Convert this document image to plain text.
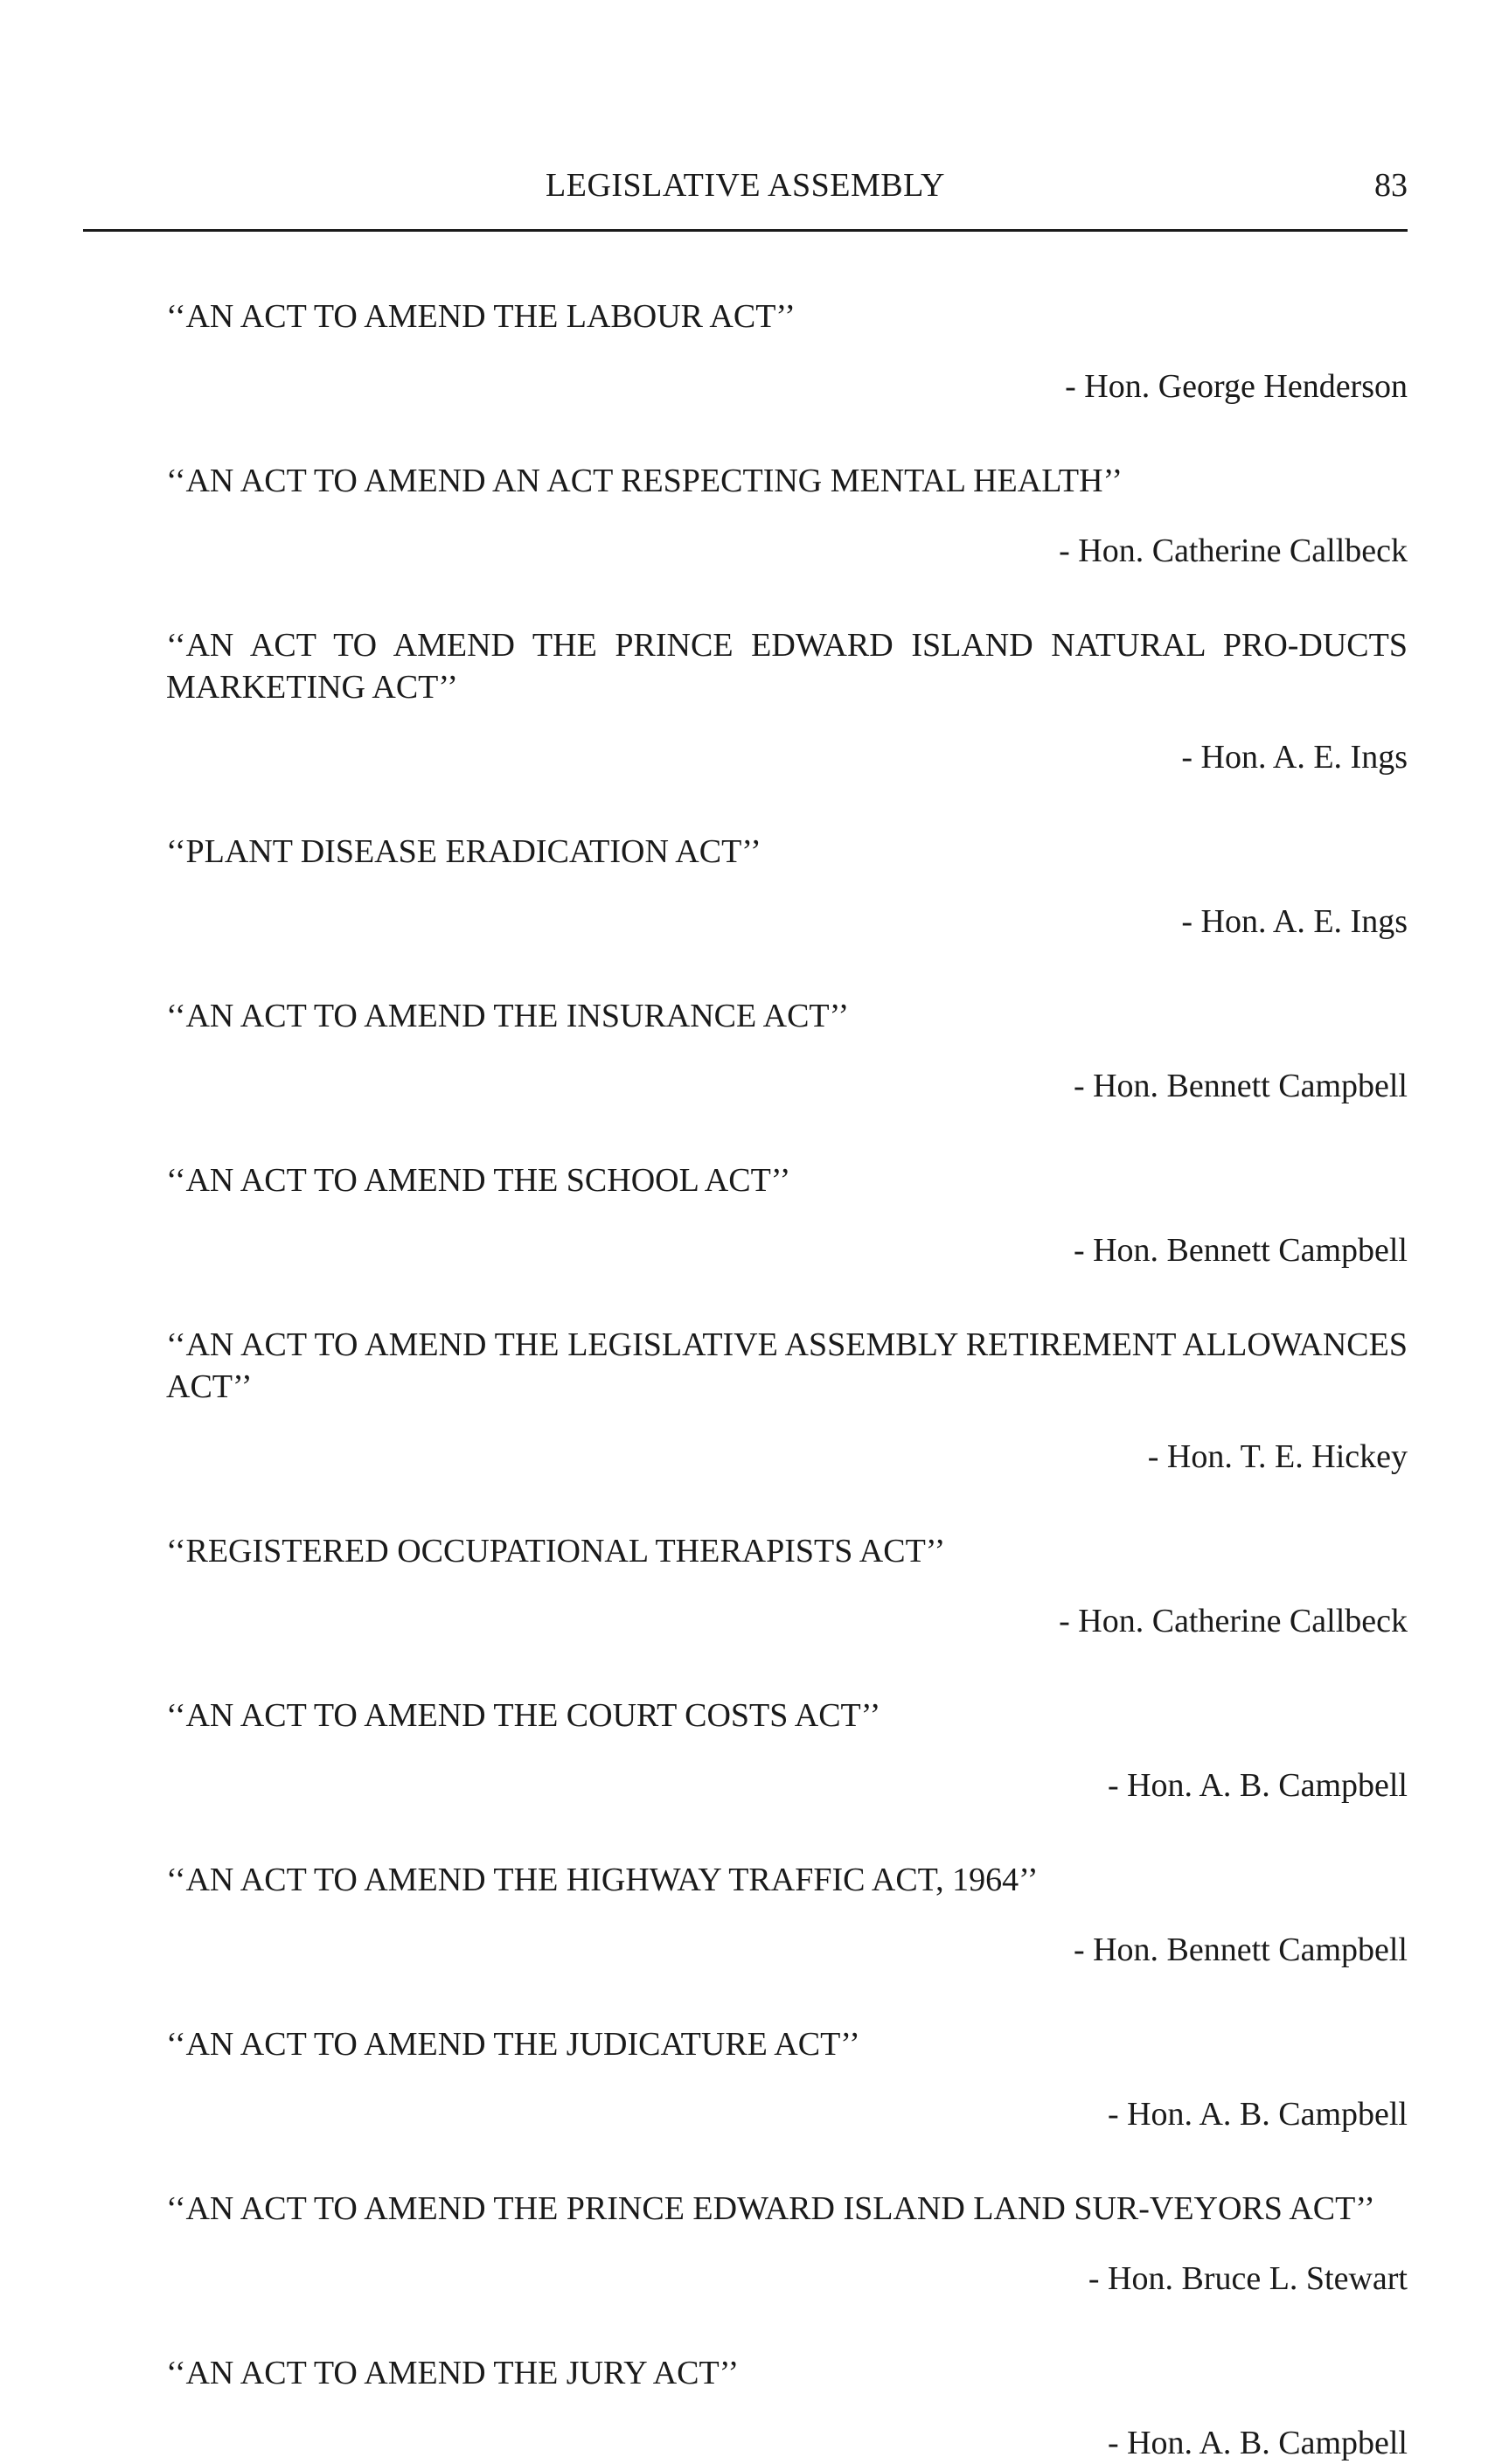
LEGISLATIVE ASSEMBLY	83

‘‘AN ACT TO AMEND THE LABOUR ACT’’

- Hon. George Henderson

‘‘AN ACT TO AMEND AN ACT RESPECTING MENTAL HEALTH’’

- Hon. Catherine Callbeck

‘‘AN ACT TO AMEND THE PRINCE EDWARD ISLAND NATURAL PRO-DUCTS MARKETING ACT’’

- Hon. A. E. Ings

‘‘PLANT DISEASE ERADICATION ACT’’

- Hon. A. E. Ings

‘‘AN ACT TO AMEND THE INSURANCE ACT’’

- Hon. Bennett Campbell

‘‘AN ACT TO AMEND THE SCHOOL ACT’’

- Hon. Bennett Campbell

‘‘AN ACT TO AMEND THE LEGISLATIVE ASSEMBLY RETIREMENT ALLOWANCES ACT’’

- Hon. T. E. Hickey

‘‘REGISTERED OCCUPATIONAL THERAPISTS ACT’’

- Hon. Catherine Callbeck

‘‘AN ACT TO AMEND THE COURT COSTS ACT’’

- Hon. A. B. Campbell

‘‘AN ACT TO AMEND THE HIGHWAY TRAFFIC ACT, 1964’’

- Hon. Bennett Campbell

‘‘AN ACT TO AMEND THE JUDICATURE ACT’’

- Hon. A. B. Campbell

‘‘AN ACT TO AMEND THE PRINCE EDWARD ISLAND LAND SUR-VEYORS ACT’’

- Hon. Bruce L. Stewart

‘‘AN ACT TO AMEND THE JURY ACT’’

- Hon. A. B. Campbell
